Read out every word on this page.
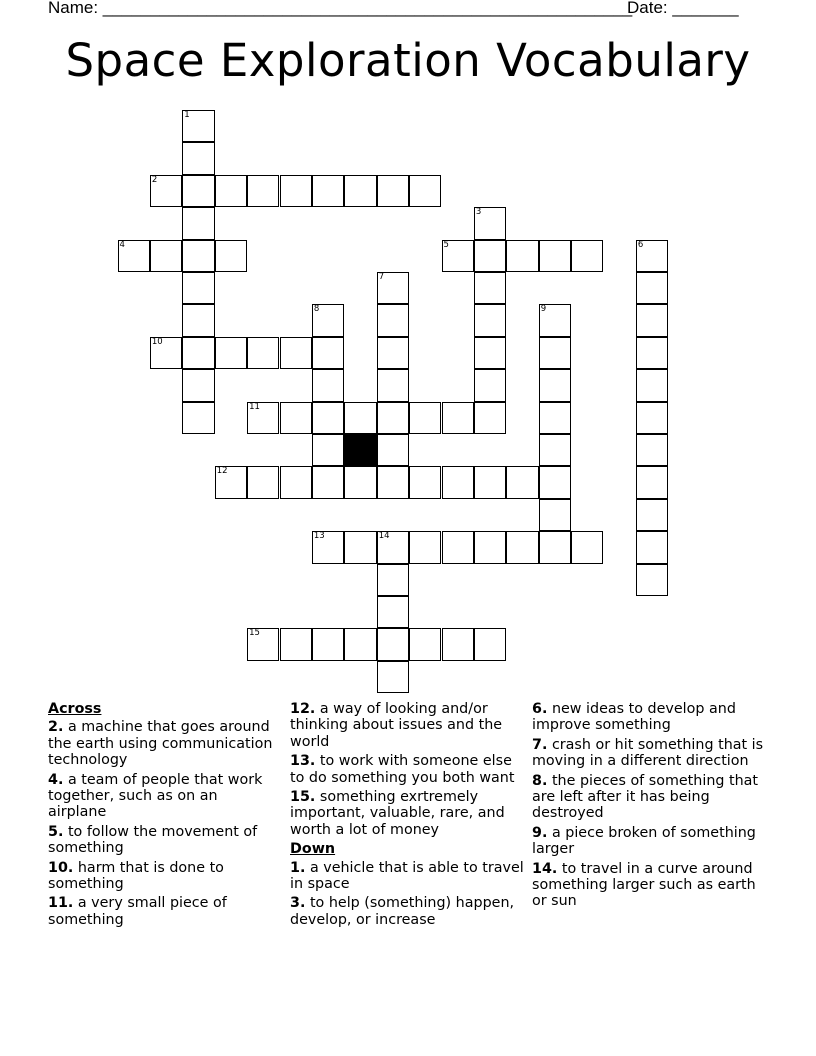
Name: ________________________________________________________
Date: _______
Space Exploration Vocabulary
1
2
3
4	5	6
7
8	9
10
11
12
13	14
15
Across
2. a machine that goes around the earth using communication technology
4. a team of people that work together, such as on an airplane
5. to follow the movement of something
10. harm that is done to something
11. a very small piece of something
12. a way of looking and/or thinking about issues and the world
13. to work with someone else to do something you both want
15. something exrtremely important, valuable, rare, and worth a lot of money
Down
1. a vehicle that is able to travel in space
3. to help (something) happen, develop, or increase
6. new ideas to develop and improve something
7. crash or hit something that is moving in a different direction
8. the pieces of something that are left after it has being destroyed
9. a piece broken of something larger
14. to travel in a curve around something larger such as earth or sun
